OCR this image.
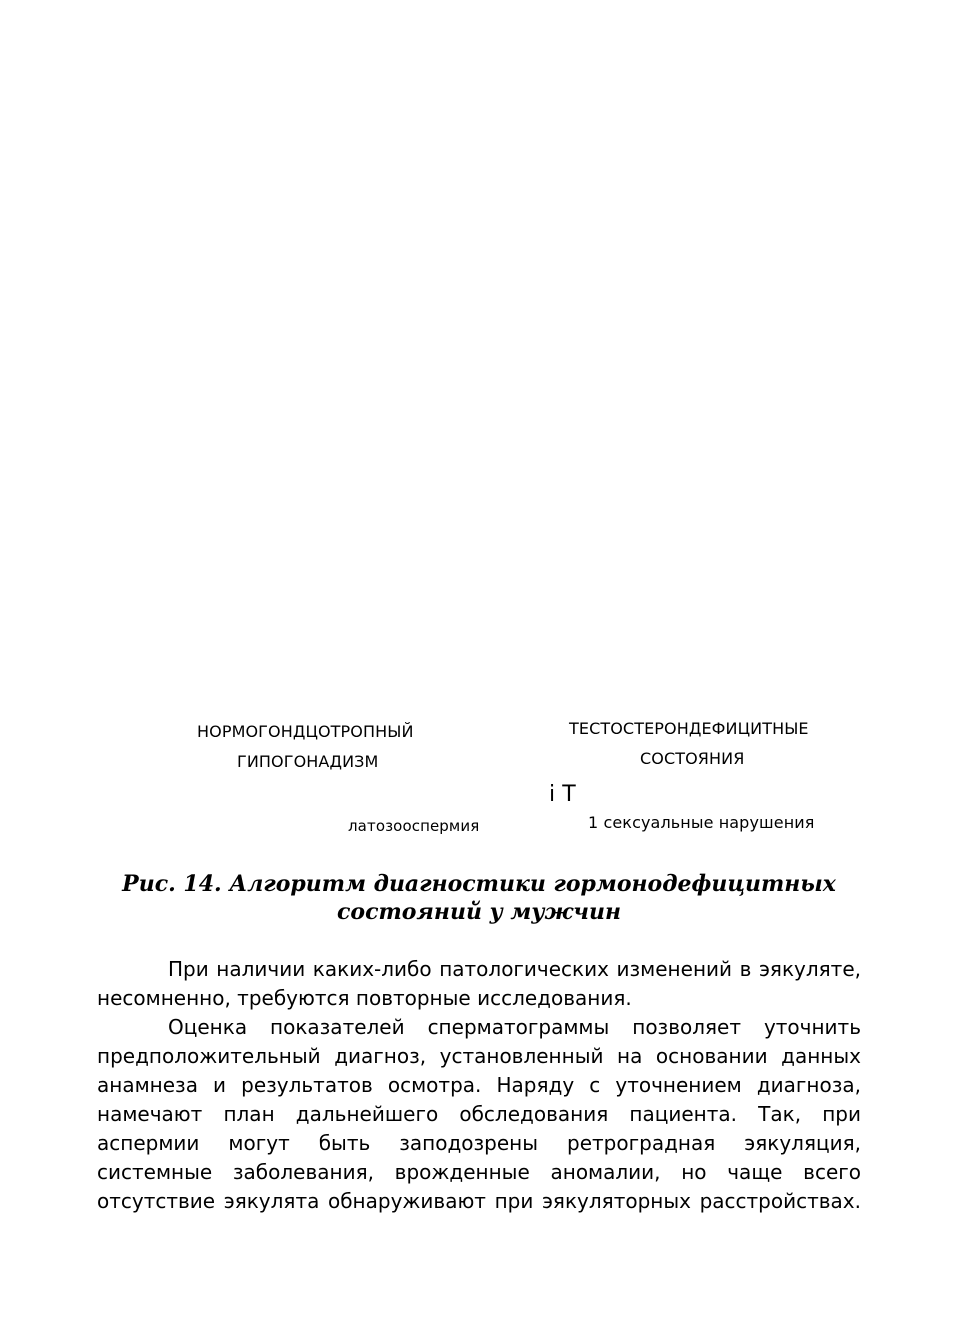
НОРМОГОНДЦОТРОПНЫЙ
ГИПОГОНАДИЗМ
ТЕСТОСТЕРОНДЕФИЦИТНЫЕ
СОСТОЯНИЯ
i Т
латозооспермия	1 сексуальные нарушения
Рис. 14. Алгоритм диагностики гормонодефицитных
состояний у мужчин
При наличии каких-либо патологических изменений в эякуляте,
несомненно, требуются повторные исследования.
Оценка показателей спермaтограммы позволяет уточнить
предположительный диагноз, установленный на основании данных
анамнеза и результатов осмотра. Наряду с уточнением диагноза,
намечают план дальнейшего обследования пациента. Так, при
аспермии могут быть заподозрены ретроградная эякуляция,
системные заболевания, врожденные аномалии, но чаще всего
отсутствие эякулята обнаруживают при эякуляторных расстройствах.
